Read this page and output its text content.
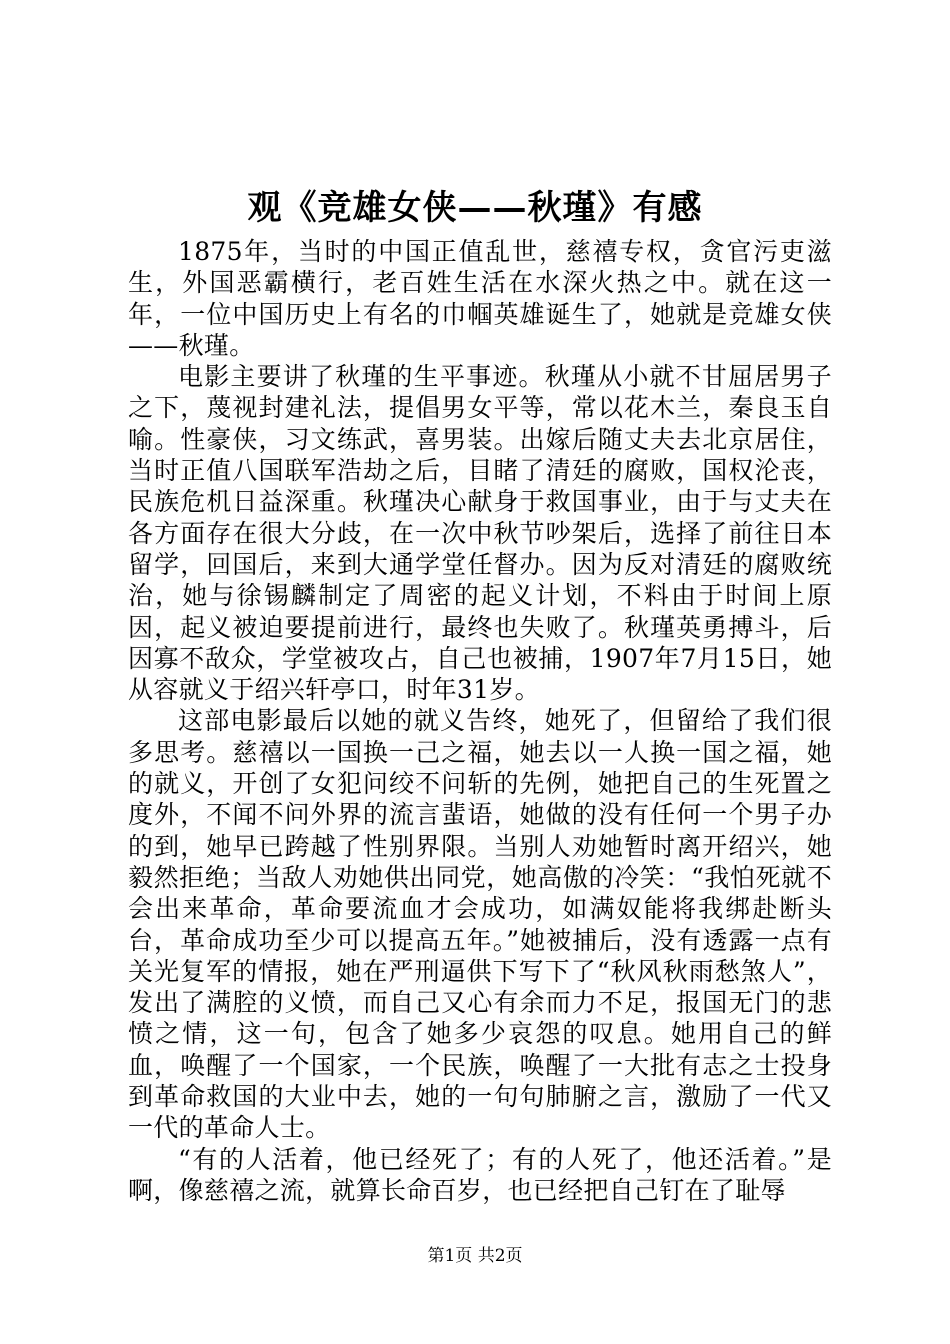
观《竞雄女侠——秋瑾》有感

1875年，当时的中国正值乱世，慈禧专权，贪官污吏滋生，外国恶霸横行，老百姓生活在水深火热之中。就在这一年，一位中国历史上有名的巾帼英雄诞生了，她就是竞雄女侠——秋瑾。

电影主要讲了秋瑾的生平事迹。秋瑾从小就不甘屈居男子之下，蔑视封建礼法，提倡男女平等，常以花木兰，秦良玉自喻。性豪侠，习文练武，喜男装。出嫁后随丈夫去北京居住，当时正值八国联军浩劫之后，目睹了清廷的腐败，国权沦丧，民族危机日益深重。秋瑾决心献身于救国事业，由于与丈夫在各方面存在很大分歧，在一次中秋节吵架后，选择了前往日本留学，回国后，来到大通学堂任督办。因为反对清廷的腐败统治，她与徐锡麟制定了周密的起义计划，不料由于时间上原因，起义被迫要提前进行，最终也失败了。秋瑾英勇搏斗，后因寡不敌众，学堂被攻占，自己也被捕，1907年7月15日，她从容就义于绍兴轩亭口，时年31岁。

这部电影最后以她的就义告终，她死了，但留给了我们很多思考。慈禧以一国换一己之福，她去以一人换一国之福，她的就义，开创了女犯问绞不问斩的先例，她把自己的生死置之度外，不闻不问外界的流言蜚语，她做的没有任何一个男子办的到，她早已跨越了性别界限。当别人劝她暂时离开绍兴，她毅然拒绝；当敌人劝她供出同党，她高傲的冷笑：“我怕死就不会出来革命，革命要流血才会成功，如满奴能将我绑赴断头台，革命成功至少可以提高五年。”她被捕后，没有透露一点有关光复军的情报，她在严刑逼供下写下了“秋风秋雨愁煞人”，发出了满腔的义愤，而自己又心有余而力不足，报国无门的悲愤之情，这一句，包含了她多少哀怨的叹息。她用自己的鲜血，唤醒了一个国家，一个民族，唤醒了一大批有志之士投身到革命救国的大业中去，她的一句句肺腑之言，激励了一代又一代的革命人士。

“有的人活着，他已经死了；有的人死了，他还活着。”是啊，像慈禧之流，就算长命百岁，也已经把自己钉在了耻辱

第1页 共2页
